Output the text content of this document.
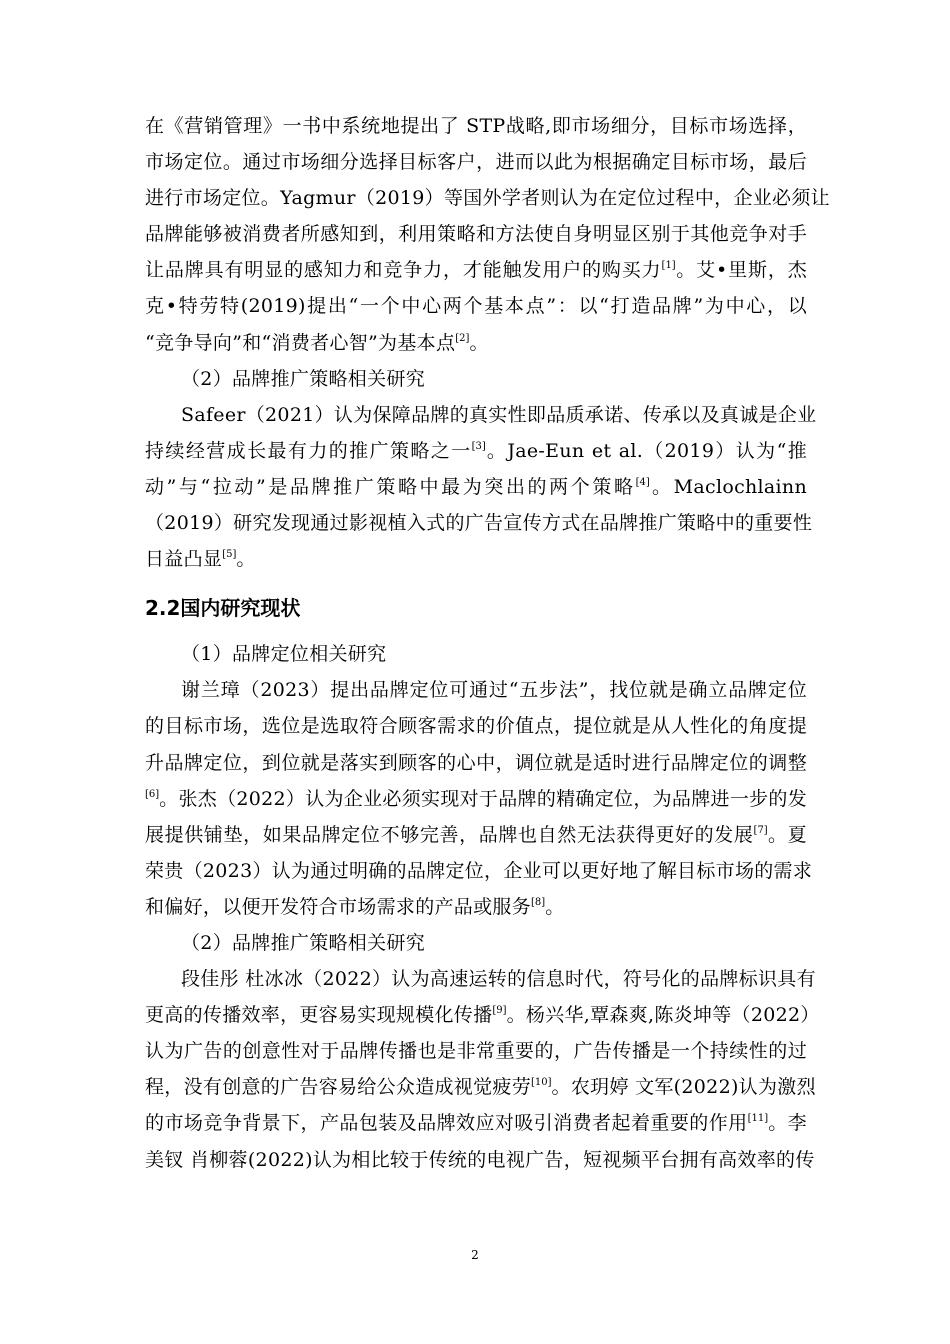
在《营销管理》一书中系统地提出了 STP战略,即市场细分，目标市场选择，
市场定位。通过市场细分选择目标客户，进而以此为根据确定目标市场，最后
进行市场定位。Yagmur（2019）等国外学者则认为在定位过程中，企业必须让
品牌能够被消费者所感知到，利用策略和方法使自身明显区别于其他竞争对手
让品牌具有明显的感知力和竞争力，才能触发用户的购买力[1]。艾•里斯，杰
克•特劳特(2019)提出“一个中心两个基本点”：以“打造品牌”为中心，以
“竞争导向”和“消费者心智”为基本点[2]。
（2）品牌推广策略相关研究
Safeer（2021）认为保障品牌的真实性即品质承诺、传承以及真诚是企业
持续经营成长最有力的推广策略之一[3]。Jae-Eun et al.（2019）认为“推
动”与“拉动”是品牌推广策略中最为突出的两个策略[4]。Maclochlainn
（2019）研究发现通过影视植入式的广告宣传方式在品牌推广策略中的重要性
日益凸显[5]。
2.2国内研究现状
（1）品牌定位相关研究
谢兰璋（2023）提出品牌定位可通过“五步法”，找位就是确立品牌定位
的目标市场，选位是选取符合顾客需求的价值点，提位就是从人性化的角度提
升品牌定位，到位就是落实到顾客的心中，调位就是适时进行品牌定位的调整
[6]。张杰（2022）认为企业必须实现对于品牌的精确定位，为品牌进一步的发
展提供铺垫，如果品牌定位不够完善，品牌也自然无法获得更好的发展[7]。夏
荣贵（2023）认为通过明确的品牌定位，企业可以更好地了解目标市场的需求
和偏好，以便开发符合市场需求的产品或服务[8]。
（2）品牌推广策略相关研究
段佳彤 杜冰冰（2022）认为高速运转的信息时代，符号化的品牌标识具有
更高的传播效率，更容易实现规模化传播[9]。杨兴华,覃森爽,陈炎坤等（2022）
认为广告的创意性对于品牌传播也是非常重要的，广告传播是一个持续性的过
程，没有创意的广告容易给公众造成视觉疲劳[10]。农玥婷 文军(2022)认为激烈
的市场竞争背景下，产品包装及品牌效应对吸引消费者起着重要的作用[11]。李
美钗 肖柳蓉(2022)认为相比较于传统的电视广告，短视频平台拥有高效率的传
2
